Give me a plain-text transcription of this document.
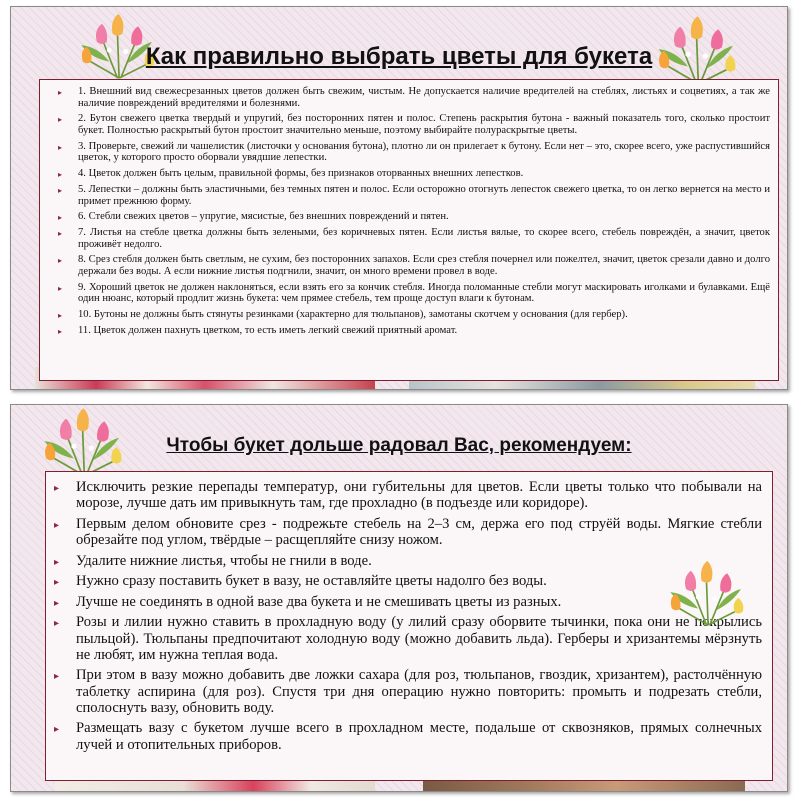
Как правильно выбрать цветы для букета
▸ 1. Внешний вид свежесрезанных цветов должен быть свежим, чистым. Не допускается наличие вредителей на стеблях, листьях и соцветиях, а так же наличие повреждений вредителями и болезнями.
▸ 2. Бутон свежего цветка твердый и упругий, без посторонних пятен и полос. Степень раскрытия бутона - важный показатель того, сколько простоит букет. Полностью раскрытый бутон простоит значительно меньше, поэтому выбирайте полураскрытые цветы.
▸ 3. Проверьте, свежий ли чашелистик (листочки у основания бутона), плотно ли он прилегает к бутону. Если нет – это, скорее всего, уже распустившийся цветок, у которого просто оборвали увядшие лепестки.
▸ 4. Цветок должен быть целым, правильной формы, без признаков оторванных внешних лепестков.
▸ 5. Лепестки – должны быть эластичными, без темных пятен и полос. Если осторожно отогнуть лепесток свежего цветка, то он легко вернется на место и примет прежнюю форму.
▸ 6. Стебли свежих цветов – упругие, мясистые, без внешних повреждений и пятен.
▸ 7. Листья на стебле цветка должны быть зелеными, без коричневых пятен. Если листья вялые, то скорее всего, стебель повреждён, а значит, цветок проживёт недолго.
▸ 8. Срез стебля должен быть светлым, не сухим, без посторонних запахов. Если срез стебля почернел или пожелтел, значит, цветок срезали давно и долго держали без воды. А если нижние листья подгнили, значит, он много времени провел в воде.
▸ 9. Хороший цветок не должен наклоняться, если взять его за кончик стебля. Иногда поломанные стебли могут маскировать иголками и булавками. Ещё один нюанс, который продлит жизнь букета: чем прямее стебель, тем проще доступ влаги к бутонам.
▸ 10. Бутоны не должны быть стянуты резинками (характерно для тюльпанов), замотаны скотчем у основания (для гербер).
▸ 11. Цветок должен пахнуть цветком, то есть иметь легкий свежий приятный аромат.
Чтобы букет дольше радовал Вас, рекомендуем:
▸ Исключить резкие перепады температур, они губительны для цветов. Если цветы только что побывали на морозе, лучше дать им привыкнуть там, где прохладно (в подъезде или коридоре).
▸ Первым делом обновите срез - подрежьте стебель на 2–3 см, держа его под струёй воды. Мягкие стебли обрезайте под углом, твёрдые – расщепляйте снизу ножом.
▸ Удалите нижние листья, чтобы не гнили в воде.
▸ Нужно сразу поставить букет в вазу, не оставляйте цветы надолго без воды.
▸ Лучше не соединять в одной вазе два букета и не смешивать цветы из разных.
▸ Розы и лилии нужно ставить в прохладную воду (у лилий сразу оборвите тычинки, пока они не покрылись пыльцой). Тюльпаны предпочитают холодную воду (можно добавить льда). Герберы и хризантемы мёрзнуть не любят, им нужна теплая вода.
▸ При этом в вазу можно добавить две ложки сахара (для роз, тюльпанов, гвоздик, хризантем), растолчённую таблетку аспирина (для роз). Спустя три дня операцию нужно повторить: промыть и подрезать стебли, сполоснуть вазу, обновить воду.
▸ Размещать вазу с букетом лучше всего в прохладном месте, подальше от сквозняков, прямых солнечных лучей и отопительных приборов.
